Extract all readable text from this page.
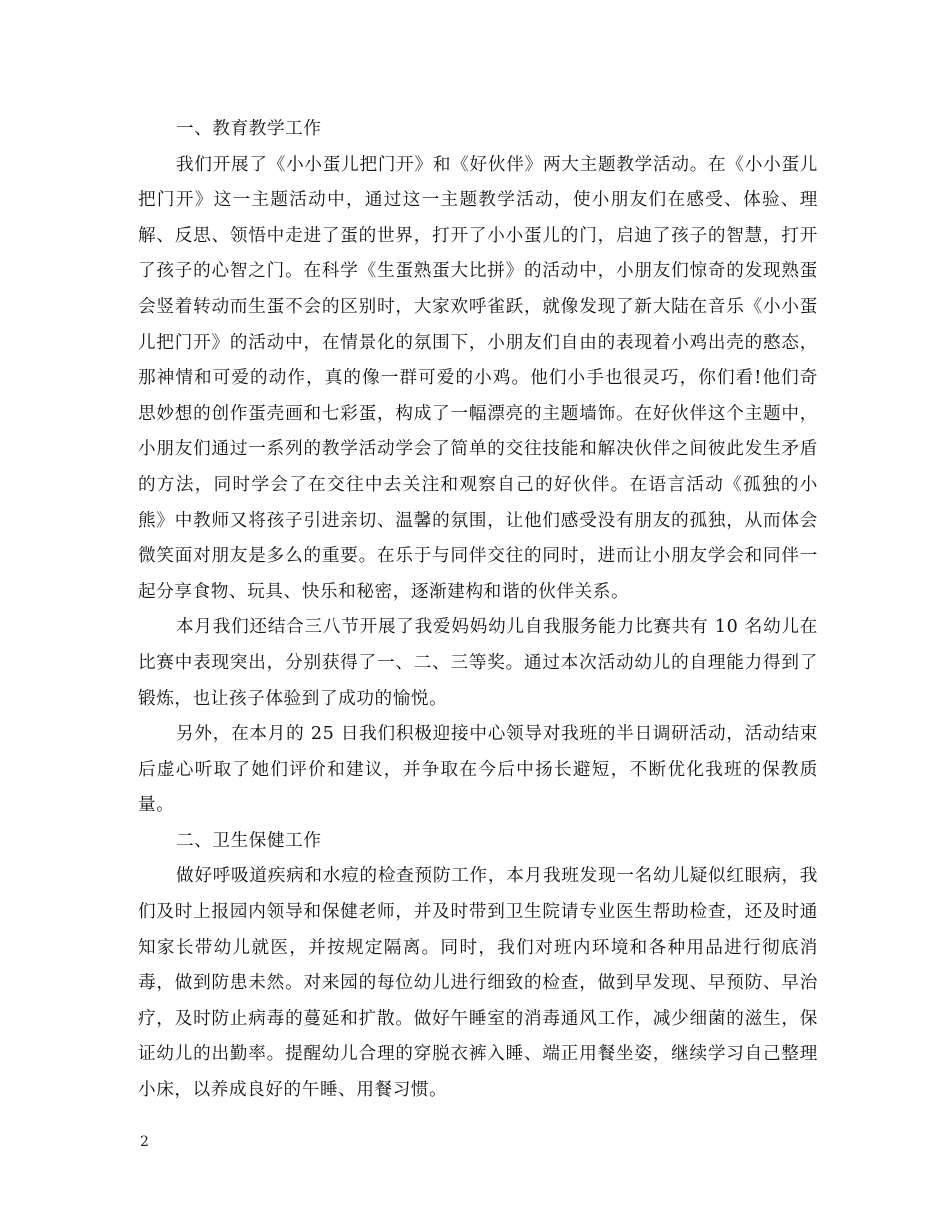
一、教育教学工作

我们开展了《小小蛋儿把门开》和《好伙伴》两大主题教学活动。在《小小蛋儿把门开》这一主题活动中，通过这一主题教学活动，使小朋友们在感受、体验、理解、反思、领悟中走进了蛋的世界，打开了小小蛋儿的门，启迪了孩子的智慧，打开了孩子的心智之门。在科学《生蛋熟蛋大比拼》的活动中，小朋友们惊奇的发现熟蛋会竖着转动而生蛋不会的区别时，大家欢呼雀跃，就像发现了新大陆在音乐《小小蛋儿把门开》的活动中，在情景化的氛围下，小朋友们自由的表现着小鸡出壳的憨态，那神情和可爱的动作，真的像一群可爱的小鸡。他们小手也很灵巧，你们看!他们奇思妙想的创作蛋壳画和七彩蛋，构成了一幅漂亮的主题墙饰。在好伙伴这个主题中，小朋友们通过一系列的教学活动学会了简单的交往技能和解决伙伴之间彼此发生矛盾的方法，同时学会了在交往中去关注和观察自己的好伙伴。在语言活动《孤独的小熊》中教师又将孩子引进亲切、温馨的氛围，让他们感受没有朋友的孤独，从而体会微笑面对朋友是多么的重要。在乐于与同伴交往的同时，进而让小朋友学会和同伴一起分享食物、玩具、快乐和秘密，逐渐建构和谐的伙伴关系。

本月我们还结合三八节开展了我爱妈妈幼儿自我服务能力比赛共有 10 名幼儿在比赛中表现突出，分别获得了一、二、三等奖。通过本次活动幼儿的自理能力得到了锻炼，也让孩子体验到了成功的愉悦。

另外，在本月的 25 日我们积极迎接中心领导对我班的半日调研活动，活动结束后虚心听取了她们评价和建议，并争取在今后中扬长避短，不断优化我班的保教质量。

二、卫生保健工作

做好呼吸道疾病和水痘的检查预防工作，本月我班发现一名幼儿疑似红眼病，我们及时上报园内领导和保健老师，并及时带到卫生院请专业医生帮助检查，还及时通知家长带幼儿就医，并按规定隔离。同时，我们对班内环境和各种用品进行彻底消毒，做到防患未然。对来园的每位幼儿进行细致的检查，做到早发现、早预防、早治疗，及时防止病毒的蔓延和扩散。做好午睡室的消毒通风工作，减少细菌的滋生，保证幼儿的出勤率。提醒幼儿合理的穿脱衣裤入睡、端正用餐坐姿，继续学习自己整理小床，以养成良好的午睡、用餐习惯。

2
